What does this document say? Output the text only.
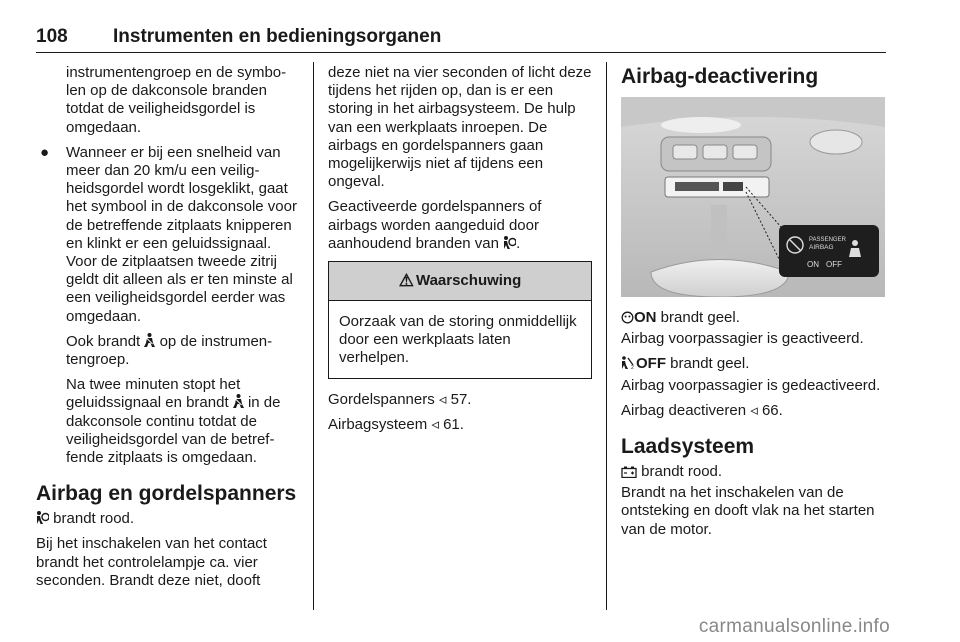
108 Instrumenten en bedieningsorganen

instrumentengroep en de symbolen op de dakconsole branden totdat de veiligheidsgordel is omgedaan.

● Wanneer er bij een snelheid van meer dan 20 km/u een veiligheidsgordel wordt losgeklikt, gaat het symbool in de dakconsole voor de betreffende zitplaats knipperen en klinkt er een geluidssignaal. Voor de zitplaatsen tweede zitrij geldt dit alleen als er ten minste al een veiligheidsgordel eerder was omgedaan.

Ook brandt op de instrumentengroep.

Na twee minuten stopt het geluidssignaal en brandt in de dakconsole continu totdat de veiligheidsgordel van de betreffende zitplaats is omgedaan.

Airbag en gordelspanners

brandt rood.

Bij het inschakelen van het contact brandt het controlelampje ca. vier seconden. Brandt deze niet, dooft

deze niet na vier seconden of licht deze tijdens het rijden op, dan is er een storing in het airbagsysteem. De hulp van een werkplaats inroepen. De airbags en gordelspanners gaan mogelijkerwijs niet af tijdens een ongeval.

Geactiveerde gordelspanners of airbags worden aangeduid door aanhoudend branden van .

⚠ Waarschuwing
Oorzaak van de storing onmiddellijk door een werkplaats laten verhelpen.

Gordelspanners ◃ 57.

Airbagsysteem ◃ 61.

Airbag-deactivering
PASSENGER
AIRBAG
ON OFF

ON brandt geel.

Airbag voorpassagier is geactiveerd.

2 OFF brandt geel.

Airbag voorpassagier is gedeactiveerd.

Airbag deactiveren ◃ 66.

Laadsysteem

brandt rood.

Brandt na het inschakelen van de ontsteking en dooft vlak na het starten van de motor.

carmanualsonline.info
